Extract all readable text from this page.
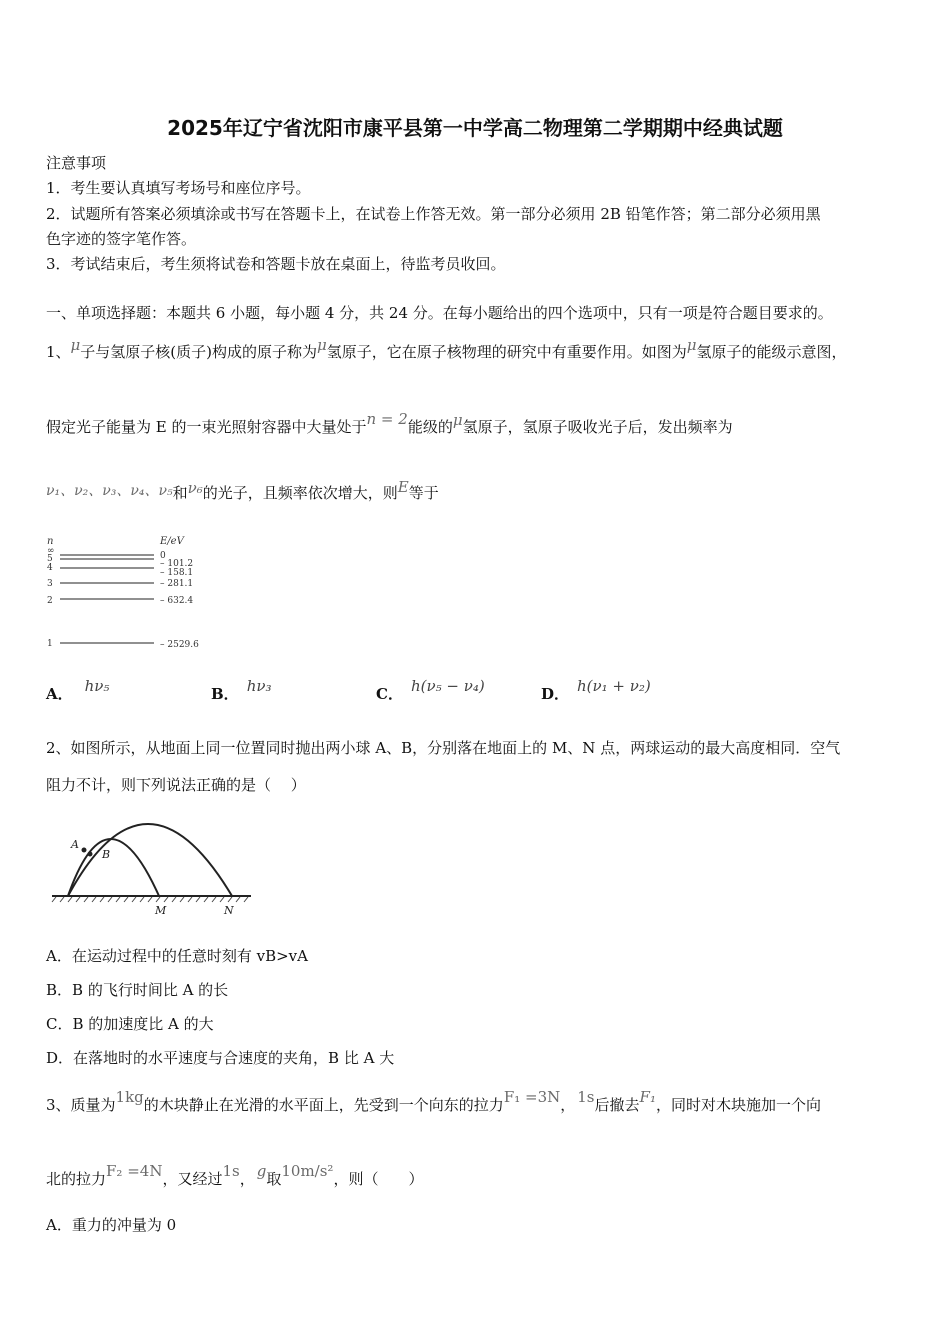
2025年辽宁省沈阳市康平县第一中学高二物理第二学期期中经典试题
注意事项
1．考生要认真填写考场号和座位序号。
2．试题所有答案必须填涂或书写在答题卡上，在试卷上作答无效。第一部分必须用 2B 铅笔作答；第二部分必须用黑
色字迹的签字笔作答。
3．考试结束后，考生须将试卷和答题卡放在桌面上，待监考员收回。
一、单项选择题：本题共 6 小题，每小题 4 分，共 24 分。在每小题给出的四个选项中，只有一项是符合题目要求的。
1、μ子与氢原子核(质子)构成的原子称为μ氢原子，它在原子核物理的研究中有重要作用。如图为μ氢原子的能级示意图，
假定光子能量为 E 的一束光照射容器中大量处于n = 2能级的μ氢原子，氢原子吸收光子后，发出频率为
ν₁、ν₂、ν₃、ν₄、ν₅和ν₆的光子，且频率依次增大，则E等于
n	E/eV
∞	0
5	– 101.2
4	– 158.1
3	– 281.1
2	– 632.4
1	– 2529.6
A． hν₅	B． hν₃	C． h(ν₅ − ν₄)	D． h(ν₁ + ν₂)
2、如图所示，从地面上同一位置同时抛出两小球 A、B，分别落在地面上的 M、N 点，两球运动的最大高度相同．空气
阻力不计，则下列说法正确的是（　 ）
A
B
M	N
A．在运动过程中的任意时刻有 vB>vA
B．B 的飞行时间比 A 的长
C．B 的加速度比 A 的大
D．在落地时的水平速度与合速度的夹角，B 比 A 大
3、质量为1kg的木块静止在光滑的水平面上，先受到一个向东的拉力F₁ =3N， 1s后撤去F₁，同时对木块施加一个向
北的拉力F₂ =4N，又经过1s， g取10m/s²，则（　　）
A．重力的冲量为 0
